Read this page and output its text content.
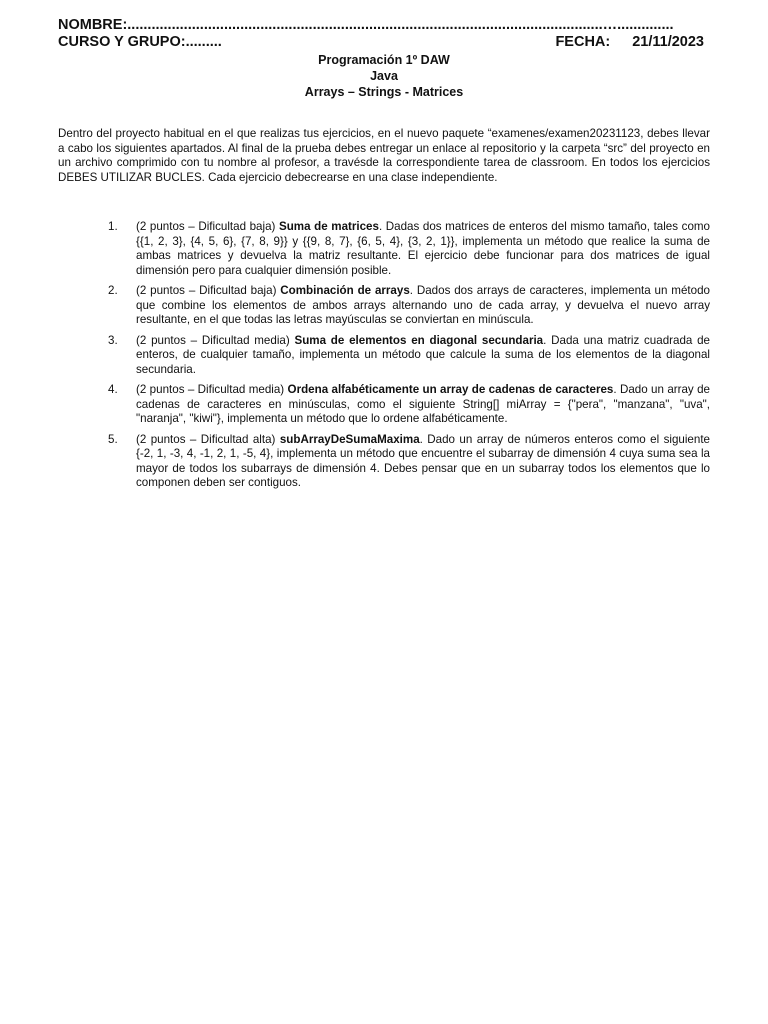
NOMBRE:......................................................................................................................…..............
CURSO Y GRUPO:.........	FECHA: 21/11/2023
Programación 1º DAW
Java
Arrays – Strings - Matrices

Dentro del proyecto habitual en el que realizas tus ejercicios, en el nuevo paquete “examenes/examen20231123, debes llevar a cabo los siguientes apartados. Al final de la prueba debes entregar un enlace al repositorio y la carpeta “src” del proyecto en un archivo comprimido con tu nombre al profesor, a travésde la correspondiente tarea de classroom. En todos los ejercicios DEBES UTILIZAR BUCLES. Cada ejercicio debecrearse en una clase independiente.

1. (2 puntos – Dificultad baja) Suma de matrices. Dadas dos matrices de enteros del mismo tamaño, tales como {{1, 2, 3}, {4, 5, 6}, {7, 8, 9}} y {{9, 8, 7}, {6, 5, 4}, {3, 2, 1}}, implementa un método que realice la suma de ambas matrices y devuelva la matriz resultante. El ejercicio debe funcionar para dos matrices de igual dimensión pero para cualquier dimensión posible.
2. (2 puntos – Dificultad baja) Combinación de arrays. Dados dos arrays de caracteres, implementa un método que combine los elementos de ambos arrays alternando uno de cada array, y devuelva el nuevo array resultante, en el que todas las letras mayúsculas se conviertan en minúscula.
3. (2 puntos – Dificultad media) Suma de elementos en diagonal secundaria. Dada una matriz cuadrada de enteros, de cualquier tamaño, implementa un método que calcule la suma de los elementos de la diagonal secundaria.
4. (2 puntos – Dificultad media) Ordena alfabéticamente un array de cadenas de caracteres. Dado un array de cadenas de caracteres en minúsculas, como el siguiente String[] miArray = {"pera", "manzana", "uva", "naranja", "kiwi"}, implementa un método que lo ordene alfabéticamente.
5. (2 puntos – Dificultad alta) subArrayDeSumaMaxima. Dado un array de números enteros como el siguiente {-2, 1, -3, 4, -1, 2, 1, -5, 4}, implementa un método que encuentre el subarray de dimensión 4 cuya suma sea la mayor de todos los subarrays de dimensión 4. Debes pensar que en un subarray todos los elementos que lo componen deben ser contiguos.
